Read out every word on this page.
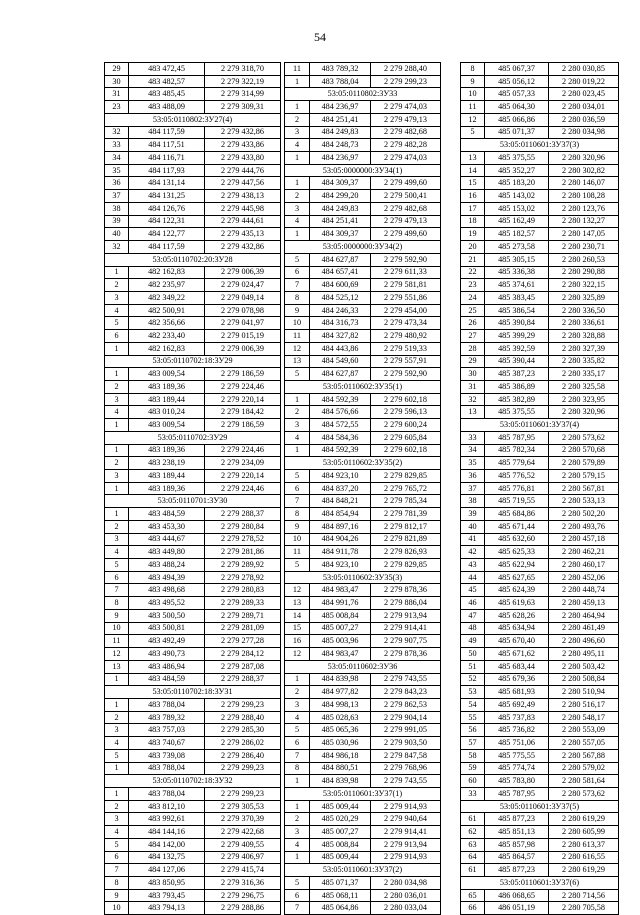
54
29	483 472,45	2 279 318,70
30	483 482,57	2 279 322,19
31	483 485,45	2 279 314,99
23	483 488,09	2 279 309,31
53:05:0110802:3У27(4)		
32	484 117,59	2 279 432,86
33	484 117,51	2 279 433,86
34	484 116,71	2 279 433,80
35	484 117,93	2 279 444,76
36	484 131,14	2 279 447,56
37	484 131,25	2 279 438,13
38	484 126,76	2 279 445,98
39	484 122,31	2 279 444,61
40	484 122,77	2 279 435,13
32	484 117,59	2 279 432,86
53:05:0110702:20:3У28		
1	482 162,83	2 279 006,39
2	482 235,97	2 279 024,47
3	482 349,22	2 279 049,14
4	482 500,91	2 279 078,98
5	482 356,66	2 279 041,97
6	482 233,40	2 279 015,19
1	482 162,83	2 279 006,39
53:05:0110702:18:3У29		
1	483 009,54	2 279 186,59
2	483 189,36	2 279 224,46
3	483 189,44	2 279 220,14
4	483 010,24	2 279 184,42
1	483 009,54	2 279 186,59
53:05:0110702:3У29		
1	483 189,36	2 279 224,46
2	483 238,19	2 279 234,09
3	483 189,44	2 279 220,14
1	483 189,36	2 279 224,46
53:05:0110701:3У30		
1	483 484,59	2 279 288,37
2	483 453,30	2 279 280,84
3	483 444,67	2 279 278,52
4	483 449,80	2 279 281,86
5	483 488,24	2 279 289,92
6	483 494,39	2 279 278,92
7	483 498,68	2 279 280,83
8	483 495,52	2 279 289,33
9	483 500,50	2 279 289,71
10	483 500,81	2 279 281,09
11	483 492,49	2 279 277,28
12	483 490,73	2 279 284,12
13	483 486,94	2 279 287,08
1	483 484,59	2 279 288,37
53:05:0110702:18:3У31		
1	483 788,04	2 279 299,23
2	483 789,32	2 279 288,40
3	483 757,03	2 279 285,30
4	483 740,67	2 279 286,02
5	483 739,08	2 279 286,40
1	483 788,04	2 279 299,23
53:05:0110702:18:3У32		
1	483 788,04	2 279 299,23
2	483 812,10	2 279 305,53
3	483 992,61	2 279 370,39
4	484 144,16	2 279 422,68
5	484 142,00	2 279 409,55
6	484 132,75	2 279 406,97
7	484 127,06	2 279 415,74
8	483 850,95	2 279 316,36
9	483 793,45	2 279 296,75
10	483 794,13	2 279 288,86
11	483 789,32	2 279 288,40
1	483 788,04	2 279 299,23
53:05:0110802:3У33		
1	484 236,97	2 279 474,03
2	484 251,41	2 279 479,13
3	484 249,83	2 279 482,68
4	484 248,73	2 279 482,28
1	484 236,97	2 279 474,03
53:05:0000000:3У34(1)		
1	484 309,37	2 279 499,60
2	484 299,20	2 279 500,41
3	484 249,83	2 279 482,68
4	484 251,41	2 279 479,13
1	484 309,37	2 279 499,60
53:05:0000000:3У34(2)		
5	484 627,87	2 279 592,90
6	484 657,41	2 279 611,33
7	484 600,69	2 279 581,81
8	484 525,12	2 279 551,86
9	484 246,33	2 279 454,00
10	484 316,73	2 279 473,34
11	484 327,82	2 279 480,92
12	484 443,86	2 279 519,33
13	484 549,60	2 279 557,91
5	484 627,87	2 279 592,90
53:05:0110602:3У35(1)		
1	484 592,39	2 279 602,18
2	484 576,66	2 279 596,13
3	484 572,55	2 279 600,24
4	484 584,36	2 279 605,84
1	484 592,39	2 279 602,18
53:05:0110602:3У35(2)		
5	484 923,10	2 279 829,85
6	484 837,20	2 279 765,72
7	484 848,21	2 279 785,34
8	484 854,94	2 279 781,39
9	484 897,16	2 279 812,17
10	484 904,26	2 279 821,89
11	484 911,78	2 279 826,93
5	484 923,10	2 279 829,85
53:05:0110602:3У35(3)		
12	484 983,47	2 279 878,36
13	484 991,76	2 279 886,04
14	485 008,84	2 279 913,94
15	485 007,27	2 279 914,41
16	485 003,96	2 279 907,75
12	484 983,47	2 279 878,36
53:05:0110602:3У36		
1	484 839,98	2 279 743,55
2	484 977,82	2 279 843,23
3	484 998,13	2 279 862,53
4	485 028,63	2 279 904,14
5	485 065,36	2 279 991,05
6	485 030,96	2 279 903,50
7	484 986,18	2 279 847,58
8	484 880,51	2 279 768,96
1	484 839,98	2 279 743,55
53:05:0110601:3У37(1)		
1	485 009,44	2 279 914,93
2	485 020,29	2 279 940,64
3	485 007,27	2 279 914,41
4	485 008,84	2 279 913,94
1	485 009,44	2 279 914,93
53:05:0110601:3У37(2)		
5	485 071,37	2 280 034,98
6	485 068,11	2 280 036,01
7	485 064,86	2 280 033,04
8	485 067,37	2 280 030,85
9	485 056,12	2 280 019,22
10	485 057,33	2 280 023,45
11	485 064,30	2 280 034,01
12	485 066,86	2 280 036,59
5	485 071,37	2 280 034,98
53:05:0110601:3У37(3)		
13	485 375,55	2 280 320,96
14	485 352,27	2 280 302,82
15	485 183,20	2 280 146,07
16	485 143,02	2 280 108,28
17	485 153,02	2 280 123,76
18	485 162,49	2 280 132,27
19	485 182,57	2 280 147,05
20	485 273,58	2 280 230,71
21	485 305,15	2 280 260,53
22	485 336,38	2 280 290,88
23	485 374,61	2 280 322,15
24	485 383,45	2 280 325,89
25	485 386,54	2 280 336,50
26	485 390,84	2 280 336,61
27	485 399,29	2 280 328,88
28	485 392,59	2 280 327,39
29	485 390,44	2 280 335,82
30	485 387,23	2 280 335,17
31	485 386,89	2 280 325,58
32	485 382,89	2 280 323,95
13	485 375,55	2 280 320,96
53:05:0110601:3У37(4)		
33	485 787,95	2 280 573,62
34	485 782,34	2 280 570,68
35	485 779,64	2 280 579,89
36	485 776,52	2 280 579,15
37	485 776,81	2 280 567,81
38	485 719,55	2 280 533,13
39	485 684,86	2 280 502,20
40	485 671,44	2 280 493,76
41	485 632,60	2 280 457,18
42	485 625,33	2 280 462,21
43	485 622,94	2 280 460,17
44	485 627,65	2 280 452,06
45	485 624,39	2 280 448,74
46	485 619,63	2 280 459,13
47	485 628,26	2 280 464,94
48	485 634,94	2 280 461,49
49	485 670,40	2 280 496,60
50	485 671,62	2 280 495,11
51	485 683,44	2 280 503,42
52	485 679,36	2 280 508,84
53	485 681,93	2 280 510,94
54	485 692,49	2 280 516,17
55	485 737,83	2 280 548,17
56	485 736,82	2 280 553,09
57	485 751,06	2 280 557,05
58	485 775,55	2 280 567,88
59	485 774,74	2 280 579,02
60	485 783,80	2 280 581,64
33	485 787,95	2 280 573,62
53:05:0110601:3У37(5)		
61	485 877,23	2 280 619,29
62	485 851,13	2 280 605,99
63	485 857,98	2 280 613,37
64	485 864,57	2 280 616,55
61	485 877,23	2 280 619,29
53:05:0110601:3У37(6)		
65	486 068,65	2 280 714,56
66	486 051,19	2 280 705,58
